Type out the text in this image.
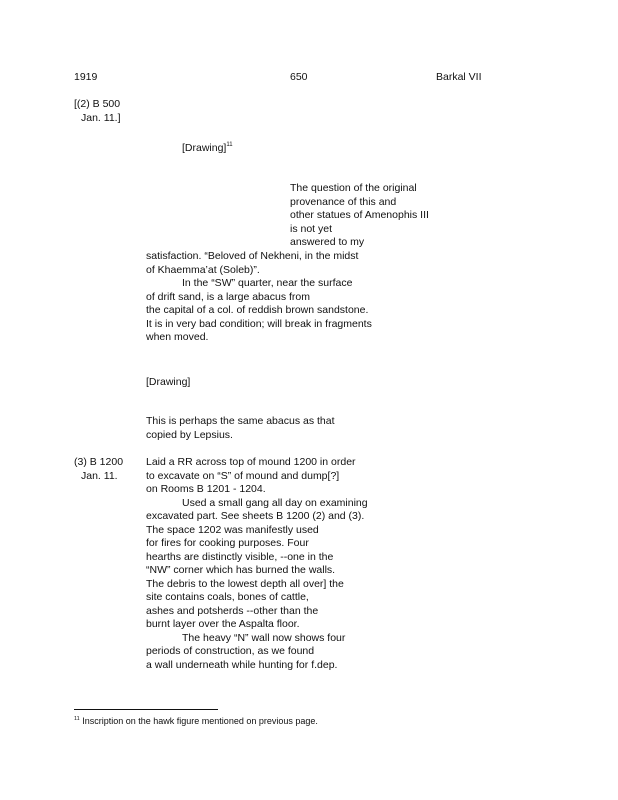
1919	650	Barkal VII
[(2) B 500
Jan. 11.]
[Drawing]$^{11}$
The question of the original
provenance of this and
other statues of Amenophis III
is not yet
answered to my
satisfaction. “Beloved of Nekheni, in the midst
of Khaemma’at (Soleb)”.
In the “SW” quarter, near the surface
of drift sand, is a large abacus from
the capital of a col. of reddish brown sandstone.
It is in very bad condition; will break in fragments
when moved.
[Drawing]
This is perhaps the same abacus as that
copied by Lepsius.
(3) B 1200
Jan. 11.
Laid a RR across top of mound 1200 in order
to excavate on “S” of mound and dump[?]
on Rooms B 1201 - 1204.
Used a small gang all day on examining
excavated part. See sheets B 1200 (2) and (3).
The space 1202 was manifestly used
for fires for cooking purposes. Four
hearths are distinctly visible, --one in the
“NW” corner which has burned the walls.
The debris to the lowest depth all over] the
site contains coals, bones of cattle,
ashes and potsherds --other than the
burnt layer over the Aspalta floor.
The heavy “N” wall now shows four
periods of construction, as we found
a wall underneath while hunting for f.dep.
$^{11}$ Inscription on the hawk figure mentioned on previous page.
